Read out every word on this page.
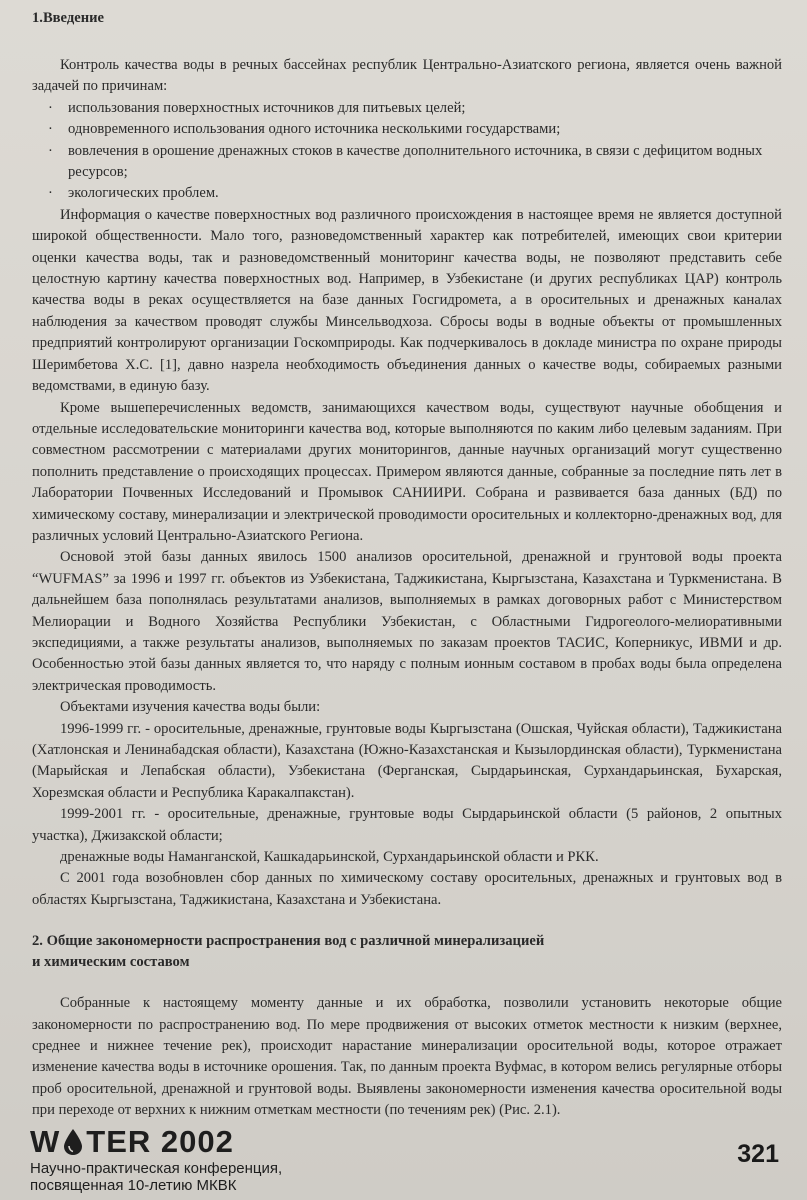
1.Введение

Контроль качества воды в речных бассейнах республик Центрально-Азиатского региона, является очень важной задачей по причинам:

· использования поверхностных источников для питьевых целей;
· одновременного использования одного источника несколькими государствами;
· вовлечения в орошение дренажных стоков в качестве дополнительного источника, в связи с дефицитом водных ресурсов;
· экологических проблем.

Информация о качестве поверхностных вод различного происхождения в настоящее время не является доступной широкой общественности. Мало того, разноведомственный характер как потребителей, имеющих свои критерии оценки качества воды, так и разноведомственный мониторинг качества воды, не позволяют представить себе целостную картину качества поверхностных вод. Например, в Узбекистане (и других республиках ЦАР) контроль качества воды в реках осуществляется на базе данных Госгидромета, а в оросительных и дренажных каналах наблюдения за качеством проводят службы Минсельводхоза. Сбросы воды в водные объекты от промышленных предприятий контролируют организации Госкомприроды. Как подчеркивалось в докладе министра по охране природы Шеримбетова Х.С. [1], давно назрела необходимость объединения данных о качестве воды, собираемых разными ведомствами, в единую базу.

Кроме вышеперечисленных ведомств, занимающихся качеством воды, существуют научные обобщения и отдельные исследовательские мониторинги качества вод, которые выполняются по каким либо целевым заданиям. При совместном рассмотрении с материалами других мониторингов, данные научных организаций могут существенно пополнить представление о происходящих процессах. Примером являются данные, собранные за последние пять лет в Лаборатории Почвенных Исследований и Промывок САНИИРИ. Собрана и развивается база данных (БД) по химическому составу, минерализации и электрической проводимости оросительных и коллекторно-дренажных вод, для различных условий Центрально-Азиатского Региона.

Основой этой базы данных явилось 1500 анализов оросительной, дренажной и грунтовой воды проекта “WUFMAS” за 1996 и 1997 гг. объектов из Узбекистана, Таджикистана, Кыргызстана, Казахстана и Туркменистана. В дальнейшем база пополнялась результатами анализов, выполняемых в рамках договорных работ с Министерством Мелиорации и Водного Хозяйства Республики Узбекистан, с Областными Гидрогеолого-мелиоративными экспедициями, а также результаты анализов, выполняемых по заказам проектов ТАСИС, Коперникус, ИВМИ и др. Особенностью этой базы данных является то, что наряду с полным ионным составом в пробах воды была определена электрическая проводимость.

Объектами изучения качества воды были:

1996-1999 гг. - оросительные, дренажные, грунтовые воды Кыргызстана (Ошская, Чуйская области), Таджикистана (Хатлонская и Ленинабадская области), Казахстана (Южно-Казахстанская и Кызылординская области), Туркменистана (Марыйская и Лепабская области), Узбекистана (Ферганская, Сырдарьинская, Сурхандарьинская, Бухарская, Хорезмская области и Республика Каракалпакстан).

1999-2001 гг. - оросительные, дренажные, грунтовые воды Сырдарьинской области (5 районов, 2 опытных участка), Джизакской области;

дренажные воды Наманганской, Кашкадарьинской, Сурхандарьинской области и РКК.

С 2001 года возобновлен сбор данных по химическому составу оросительных, дренажных и грунтовых вод в областях Кыргызстана, Таджикистана, Казахстана и Узбекистана.

2. Общие закономерности распространения вод с различной минерализацией
и химическим составом

Собранные к настоящему моменту данные и их обработка, позволили установить некоторые общие закономерности по распространению вод. По мере продвижения от высоких отметок местности к низким (верхнее, среднее и нижнее течение рек), происходит нарастание минерализации оросительной воды, которое отражает изменение качества воды в источнике орошения. Так, по данным проекта Вуфмас, в котором велись регулярные отборы проб оросительной, дренажной и грунтовой воды. Выявлены закономерности изменения качества оросительной воды при переходе от верхних к нижним отметкам местности (по течениям рек) (Рис. 2.1).

W TER 2002
Научно-практическая конференция,
посвященная 10-летию МКВК
321
